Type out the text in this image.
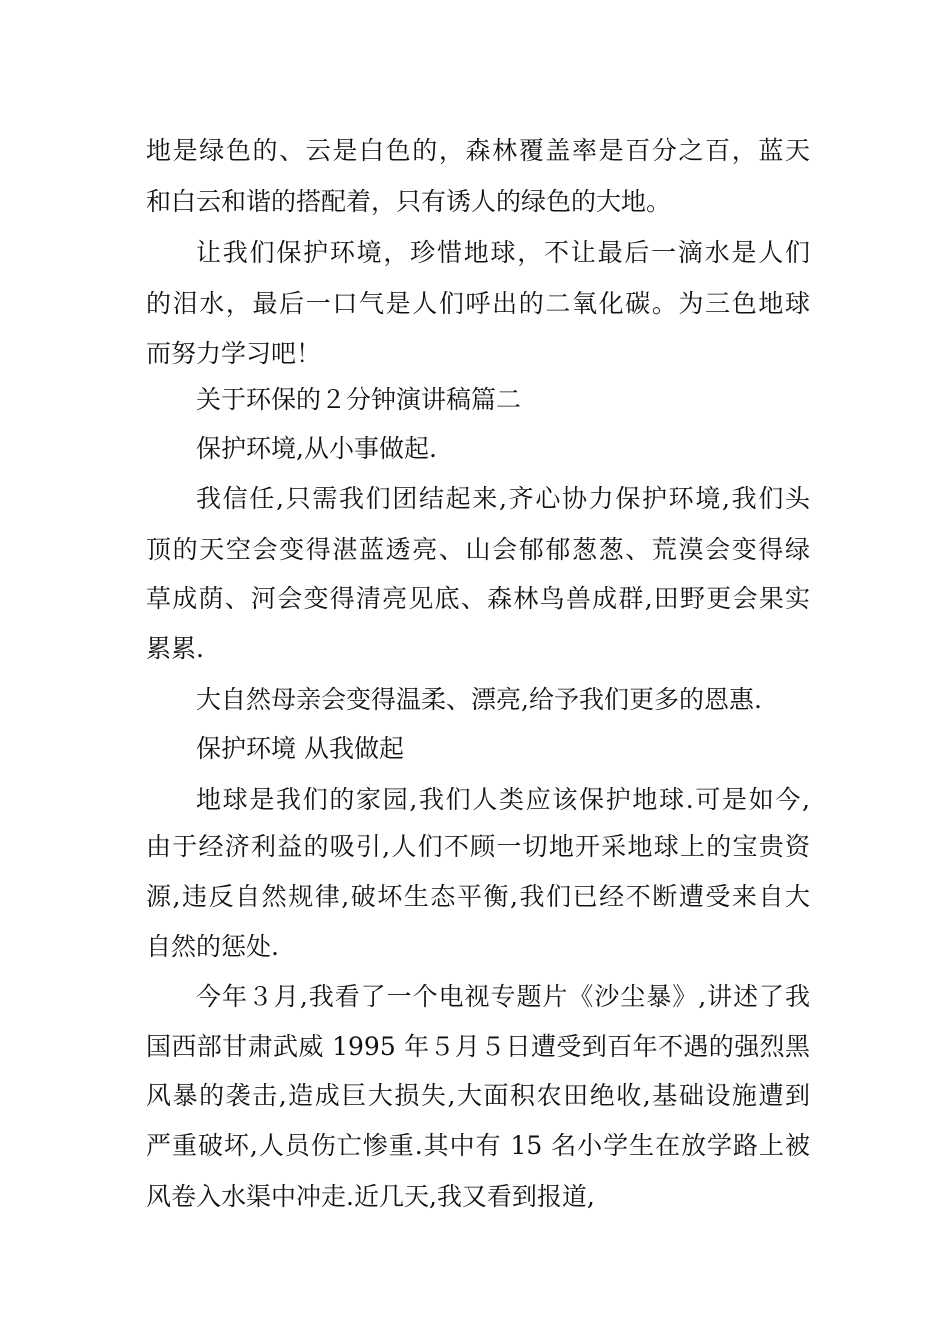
地是绿色的、云是白色的，森林覆盖率是百分之百，蓝天
和白云和谐的搭配着，只有诱人的绿色的大地。
让我们保护环境，珍惜地球，不让最后一滴水是人们
的泪水，最后一口气是人们呼出的二氧化碳。为三色地球
而努力学习吧！
关于环保的２分钟演讲稿篇二
保护环境,从小事做起.
我信任,只需我们团结起来,齐心协力保护环境,我们头
顶的天空会变得湛蓝透亮、山会郁郁葱葱、荒漠会变得绿
草成荫、河会变得清亮见底、森林鸟兽成群,田野更会果实
累累.
大自然母亲会变得温柔、漂亮,给予我们更多的恩惠.
保护环境 从我做起
地球是我们的家园,我们人类应该保护地球.可是如今,
由于经济利益的吸引,人们不顾一切地开采地球上的宝贵资
源,违反自然规律,破坏生态平衡,我们已经不断遭受来自大
自然的惩处.
今年３月,我看了一个电视专题片《沙尘暴》,讲述了我
国西部甘肃武威 1995 年５月５日遭受到百年不遇的强烈黑
风暴的袭击,造成巨大损失,大面积农田绝收,基础设施遭到
严重破坏,人员伤亡惨重.其中有 15 名小学生在放学路上被
风卷入水渠中冲走.近几天,我又看到报道,
